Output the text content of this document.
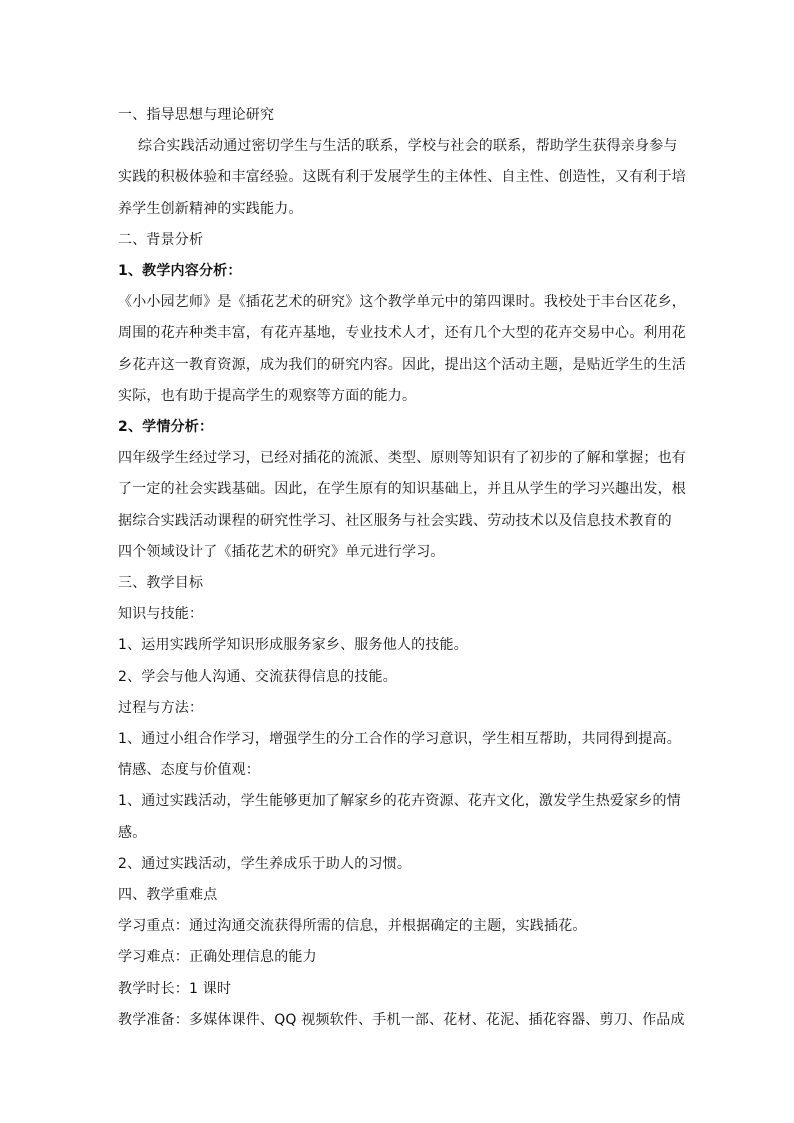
一、指导思想与理论研究
综合实践活动通过密切学生与生活的联系，学校与社会的联系，帮助学生获得亲身参与
实践的积极体验和丰富经验。这既有利于发展学生的主体性、自主性、创造性，又有利于培
养学生创新精神的实践能力。
二、背景分析
1、教学内容分析：
《小小园艺师》是《插花艺术的研究》这个教学单元中的第四课时。我校处于丰台区花乡，
周围的花卉种类丰富，有花卉基地，专业技术人才，还有几个大型的花卉交易中心。利用花
乡花卉这一教育资源，成为我们的研究内容。因此，提出这个活动主题，是贴近学生的生活
实际，也有助于提高学生的观察等方面的能力。
2、学情分析：
四年级学生经过学习，已经对插花的流派、类型、原则等知识有了初步的了解和掌握；也有
了一定的社会实践基础。因此，在学生原有的知识基础上，并且从学生的学习兴趣出发，根
据综合实践活动课程的研究性学习、社区服务与社会实践、劳动技术以及信息技术教育的
四个领域设计了《插花艺术的研究》单元进行学习。
三、教学目标
知识与技能：
1、运用实践所学知识形成服务家乡、服务他人的技能。
2、学会与他人沟通、交流获得信息的技能。
过程与方法：
1、通过小组合作学习，增强学生的分工合作的学习意识，学生相互帮助，共同得到提高。
情感、态度与价值观：
1、通过实践活动，学生能够更加了解家乡的花卉资源、花卉文化，激发学生热爱家乡的情
感。
2、通过实践活动，学生养成乐于助人的习惯。
四、教学重难点
学习重点：通过沟通交流获得所需的信息，并根据确定的主题，实践插花。
学习难点：正确处理信息的能力
教学时长：1 课时
教学准备：多媒体课件、QQ 视频软件、手机一部、花材、花泥、插花容器、剪刀、作品成
